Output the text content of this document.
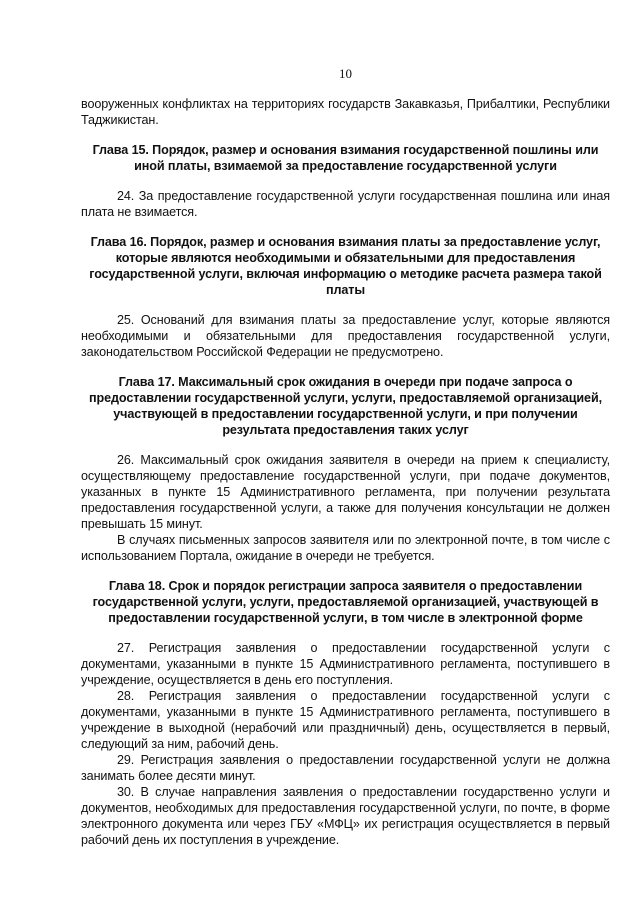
10

вооруженных конфликтах на территориях государств Закавказья, Прибалтики, Республики Таджикистан.

Глава 15. Порядок, размер и основания взимания государственной пошлины или иной платы, взимаемой за предоставление государственной услуги

24. За предоставление государственной услуги государственная пошлина или иная плата не взимается.

Глава 16. Порядок, размер и основания взимания платы за предоставление услуг, которые являются необходимыми и обязательными для предоставления государственной услуги, включая информацию о методике расчета размера такой платы

25. Оснований для взимания платы за предоставление услуг, которые являются необходимыми и обязательными для предоставления государственной услуги, законодательством Российской Федерации не предусмотрено.

Глава 17. Максимальный срок ожидания в очереди при подаче запроса о предоставлении государственной услуги, услуги, предоставляемой организацией, участвующей в предоставлении государственной услуги, и при получении результата предоставления таких услуг

26. Максимальный срок ожидания заявителя в очереди на прием к специалисту, осуществляющему предоставление государственной услуги, при подаче документов, указанных в пункте 15 Административного регламента, при получении результата предоставления государственной услуги, а также для получения консультации не должен превышать 15 минут.

В случаях письменных запросов заявителя или по электронной почте, в том числе с использованием Портала, ожидание в очереди не требуется.

Глава 18. Срок и порядок регистрации запроса заявителя о предоставлении государственной услуги, услуги, предоставляемой организацией, участвующей в предоставлении государственной услуги, в том числе в электронной форме

27. Регистрация заявления о предоставлении государственной услуги с документами, указанными в пункте 15 Административного регламента, поступившего в учреждение, осуществляется в день его поступления.

28. Регистрация заявления о предоставлении государственной услуги с документами, указанными в пункте 15 Административного регламента, поступившего в учреждение в выходной (нерабочий или праздничный) день, осуществляется в первый, следующий за ним, рабочий день.

29. Регистрация заявления о предоставлении государственной услуги не должна занимать более десяти минут.

30. В случае направления заявления о предоставлении государственно услуги и документов, необходимых для предоставления государственной услуги, по почте, в форме электронного документа или через ГБУ «МФЦ» их регистрация осуществляется в первый рабочий день их поступления в учреждение.
